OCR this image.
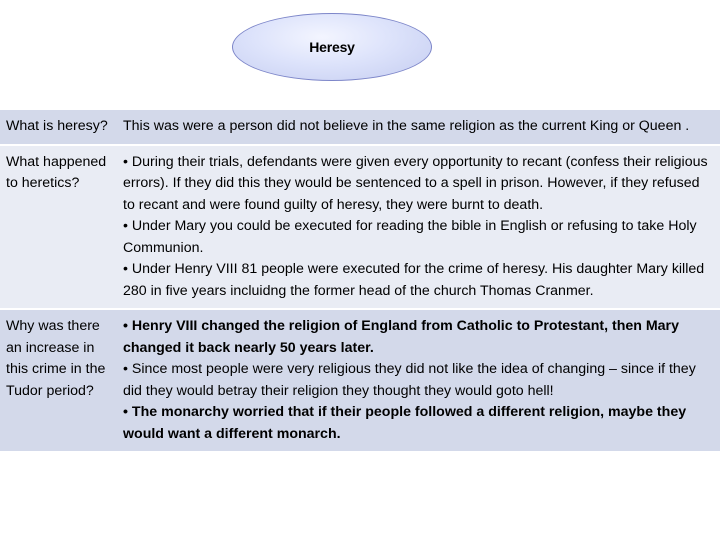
Heresy
What is heresy?	This was were a person did not believe in the same religion as the current King or Queen .

What happened to heretics?	• During their trials, defendants were given every opportunity to recant (confess their religious errors). If they did this they would be sentenced to a spell in prison. However, if they refused to recant and were found guilty of heresy, they were burnt to death.
• Under Mary you could be executed for reading the bible in English or refusing to take Holy Communion.
• Under Henry VIII 81 people were executed for the crime of heresy. His daughter Mary killed 280 in five years incluidng the former head of the church Thomas Cranmer.

Why was there an increase in this crime in the Tudor period?	• Henry VIII changed the religion of England from Catholic to Protestant, then Mary changed it back nearly 50 years later.
• Since most people were very religious they did not like the idea of changing – since if they did they would betray their religion they thought they would goto hell!
• The monarchy worried that if their people followed a different religion, maybe they would want a different monarch.
